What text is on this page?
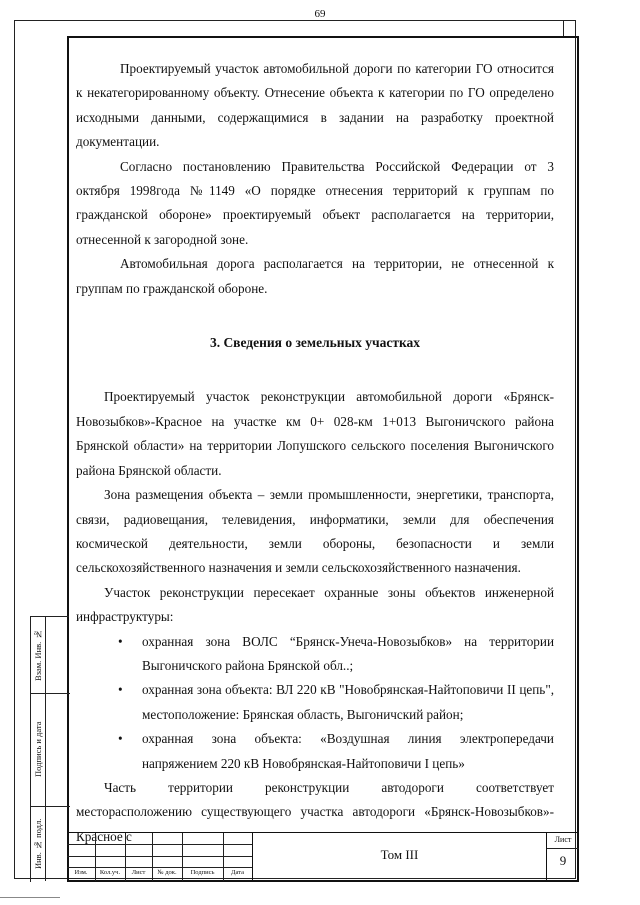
69

Проектируемый участок автомобильной дороги по категории ГО относится к некатегорированному объекту. Отнесение объекта к категории по ГО определено исходными данными, содержащимися в задании на разработку проектной документации.

Согласно постановлению Правительства Российской Федерации от 3 октября 1998года №1149 «О порядке отнесения территорий к группам по гражданской обороне» проектируемый объект располагается на территории, отнесенной к загородной зоне.

Автомобильная дорога располагается на территории, не отнесенной к группам по гражданской обороне.

3. Сведения о земельных участках

Проектируемый участок реконструкции автомобильной дороги «Брянск-Новозыбков»-Красное на участке км 0+ 028-км 1+013 Выгоничского района Брянской области» на территории Лопушского сельского поселения Выгоничского района Брянской области.

Зона размещения объекта – земли промышленности, энергетики, транспорта, связи, радиовещания, телевидения, информатики, земли для обеспечения космической деятельности, земли обороны, безопасности и земли сельскохозяйственного назначения и земли сельскохозяйственного назначения.

Участок реконструкции пересекает охранные зоны объектов инженерной инфраструктуры:

• охранная зона ВОЛС “Брянск-Унеча-Новозыбков» на территории Выгоничского района Брянской обл..;
• охранная зона объекта: ВЛ 220 кВ "Новобрянская-Найтоповичи II цепь", местоположение: Брянская область, Выгоничский район;
• охранная зона объекта: «Воздушная линия электропередачи напряжением 220 кВ Новобрянская-Найтоповичи I цепь»

Часть территории реконструкции автодороги соответствует месторасположению существующего участка автодороги «Брянск-Новозыбков»-Красное с

Взам. Инв. №
Подпись и дата
Инв. № подл.
Изм.	Кол.уч.	Лист	№ док.	Подпись	Дата
Том III
Лист
9
